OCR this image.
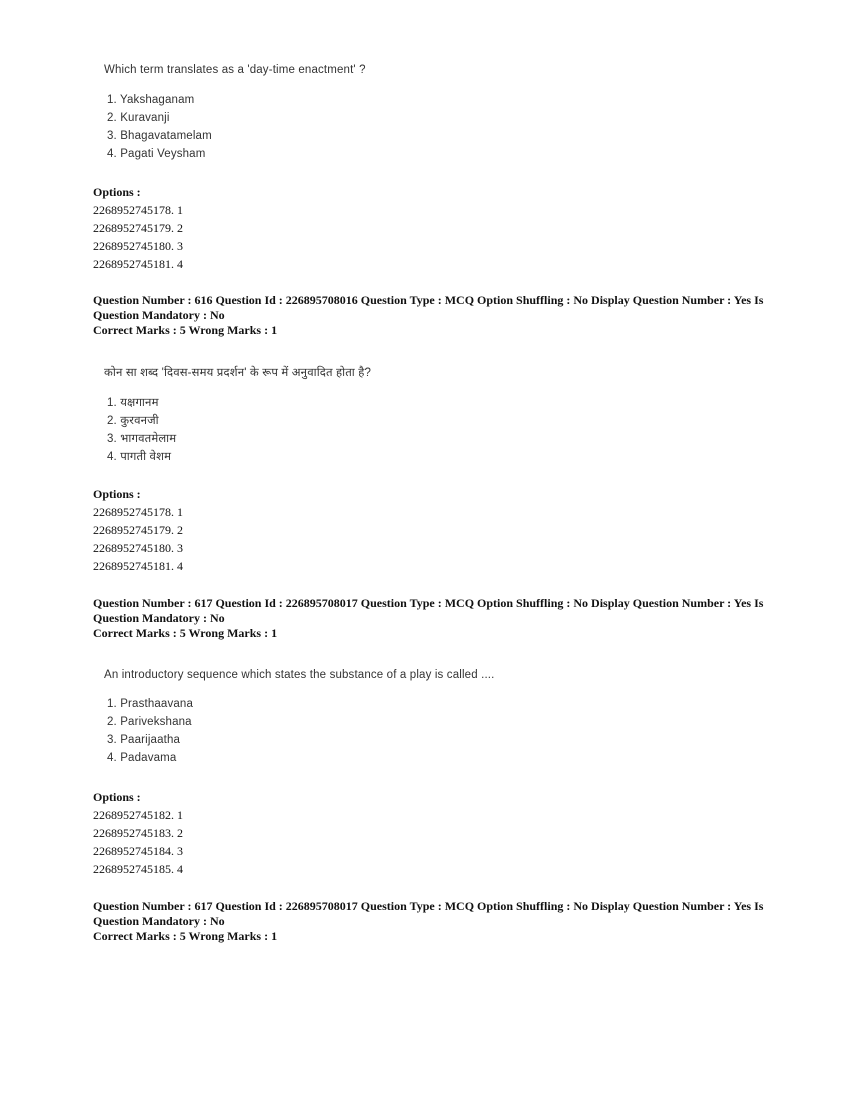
Which term translates as a 'day-time enactment' ?
1. Yakshaganam
2. Kuravanji
3. Bhagavatamelam
4. Pagati Veysham
Options :
2268952745178. 1
2268952745179. 2
2268952745180. 3
2268952745181. 4
Question Number : 616 Question Id : 226895708016 Question Type : MCQ Option Shuffling : No Display Question Number : Yes Is
Question Mandatory : No
Correct Marks : 5 Wrong Marks : 1
कोन सा शब्द 'दिवस-समय प्रदर्शन' के रूप में अनुवादित होता है?
1. यक्षगानम
2. कुरवनजी
3. भागवतमेलाम
4. पागती वेशम
Options :
2268952745178. 1
2268952745179. 2
2268952745180. 3
2268952745181. 4
Question Number : 617 Question Id : 226895708017 Question Type : MCQ Option Shuffling : No Display Question Number : Yes Is
Question Mandatory : No
Correct Marks : 5 Wrong Marks : 1
An introductory sequence which states the substance of a play is called ....
1. Prasthaavana
2. Parivekshana
3. Paarijaatha
4. Padavama
Options :
2268952745182. 1
2268952745183. 2
2268952745184. 3
2268952745185. 4
Question Number : 617 Question Id : 226895708017 Question Type : MCQ Option Shuffling : No Display Question Number : Yes Is
Question Mandatory : No
Correct Marks : 5 Wrong Marks : 1
